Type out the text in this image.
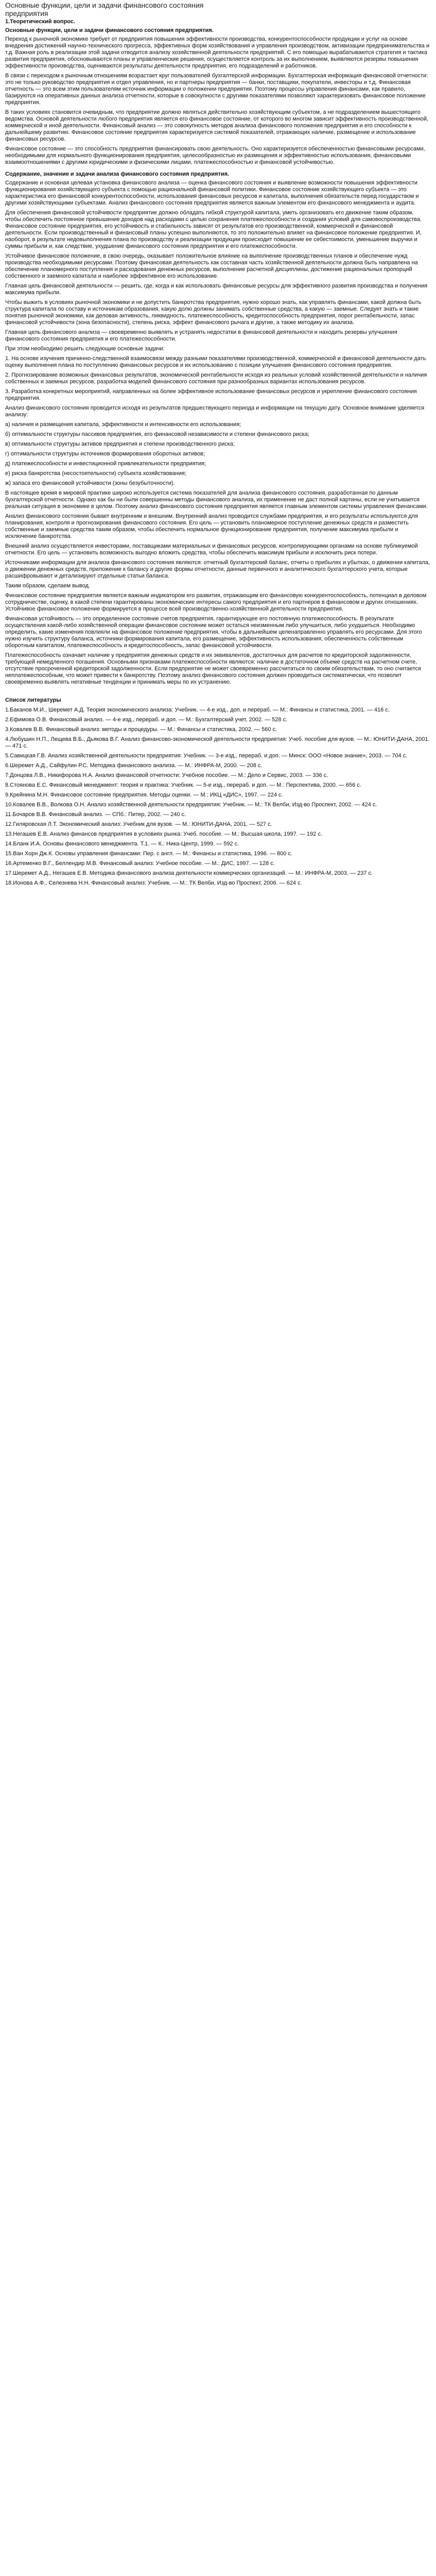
Основные функции, цели и задачи финансового состояния предприятия
1.Теоретический вопрос.
Основные функции, цели и задачи финансового состояния предприятия.

Переход к рыночной экономике требует от предприятия повышения эффективности производства, конкурентоспособности продукции и услуг на основе внедрения достижений научно-технического прогресса, эффективных форм хозяйствования и управления производством, активизации предпринимательства и т.д. Важная роль в реализации этой задачи отводится анализу хозяйственной деятельности предприятий. С его помощью вырабатываются стратегия и тактика развития предприятия, обосновываются планы и управленческие решения, осуществляется контроль за их выполнением, выявляются резервы повышения эффективности производства, оцениваются результаты деятельности предприятия, его подразделений и работников.

В связи с переходом к рыночным отношениям возрастает круг пользователей бухгалтерской информации. Бухгалтерская информация финансовой отчетности: это не только руководство предприятия и отдел управления, но и партнеры предприятия — банки, поставщики, покупатели, инвесторы и т.д. Финансовая отчетность — это всем этим пользователям источник информации о положении предприятия. Поэтому процессы управления финансами, как правило, базируются на оперативных данных анализа отчетности, которые в совокупности с другими показателями позволяют характеризовать финансовое положение предприятия.

В таких условиях становится очевидным, что предприятие должно являться действительно хозяйствующим субъектом, а не подразделением вышестоящего ведомства. Основой деятельности любого предприятия является его финансовое состояние, от которого во многом зависит эффективность производственной, коммерческой и иной деятельности. Финансовый анализ — это совокупность методов анализа финансового положения предприятия и его способности к дальнейшему развитию. Финансовое состояние предприятия характеризуется системой показателей, отражающих наличие, размещение и использование финансовых ресурсов.

Финансовое состояние — это способность предприятия финансировать свою деятельность. Оно характеризуется обеспеченностью финансовыми ресурсами, необходимыми для нормального функционирования предприятия, целесообразностью их размещения и эффективностью использования, финансовыми взаимоотношениями с другими юридическими и физическими лицами, платежеспособностью и финансовой устойчивостью.

Содержание, значение и задачи анализа финансового состояния предприятия.

Содержание и основная целевая установка финансового анализа — оценка финансового состояния и выявление возможности повышения эффективности функционирования хозяйствующего субъекта с помощью рациональной финансовой политики. Финансовое состояние хозяйствующего субъекта — это характеристика его финансовой конкурентоспособности, использования финансовых ресурсов и капитала, выполнения обязательств перед государством и другими хозяйствующими субъектами. Анализ финансового состояния предприятия является важным элементом его финансового менеджмента и аудита.

Для обеспечения финансовой устойчивости предприятие должно обладать гибкой структурой капитала, уметь организовать его движение таким образом, чтобы обеспечить постоянное превышение доходов над расходами с целью сохранения платежеспособности и создания условий для самовоспроизводства. Финансовое состояние предприятия, его устойчивость и стабильность зависят от результатов его производственной, коммерческой и финансовой деятельности. Если производственный и финансовый планы успешно выполняются, то это положительно влияет на финансовое положение предприятия. И, наоборот, в результате недовыполнения плана по производству и реализации продукции происходит повышение ее себестоимости, уменьшение выручки и суммы прибыли и, как следствие, ухудшение финансового состояния предприятия и его платежеспособности.

Устойчивое финансовое положение, в свою очередь, оказывает положительное влияние на выполнение производственных планов и обеспечение нужд производства необходимыми ресурсами. Поэтому финансовая деятельность как составная часть хозяйственной деятельности должна быть направлена на обеспечение планомерного поступления и расходования денежных ресурсов, выполнение расчетной дисциплины, достижение рациональных пропорций собственного и заемного капитала и наиболее эффективное его использование.

Главная цель финансовой деятельности — решить, где, когда и как использовать финансовые ресурсы для эффективного развития производства и получения максимума прибыли.

Чтобы выжить в условиях рыночной экономики и не допустить банкротства предприятия, нужно хорошо знать, как управлять финансами, какой должна быть структура капитала по составу и источникам образования, какую долю должны занимать собственные средства, а какую — заемные. Следует знать и такие понятия рыночной экономики, как деловая активность, ликвидность, платежеспособность, кредитоспособность предприятия, порог рентабельности, запас финансовой устойчивости (зона безопасности), степень риска, эффект финансового рычага и другие, а также методику их анализа.

Главная цель финансового анализа — своевременно выявлять и устранять недостатки в финансовой деятельности и находить резервы улучшения финансового состояния предприятия и его платежеспособности.

При этом необходимо решить следующие основные задачи:

1. На основе изучения причинно-следственной взаимосвязи между разными показателями производственной, коммерческой и финансовой деятельности дать оценку выполнения плана по поступлению финансовых ресурсов и их использованию с позиции улучшения финансового состояния предприятия.

2. Прогнозирование возможных финансовых результатов, экономической рентабельности исходя из реальных условий хозяйственной деятельности и наличия собственных и заемных ресурсов, разработка моделей финансового состояния при разнообразных вариантах использования ресурсов.

3. Разработка конкретных мероприятий, направленных на более эффективное использование финансовых ресурсов и укрепление финансового состояния предприятия.

Анализ финансового состояния проводится исходя из результатов предшествующего периода и информации на текущую дату. Основное внимание уделяется анализу:

а) наличия и размещения капитала, эффективности и интенсивности его использования;

б) оптимальности структуры пассивов предприятия, его финансовой независимости и степени финансового риска;

в) оптимальности структуры активов предприятия и степени производственного риска;

г) оптимальности структуры источников формирования оборотных активов;

д) платежеспособности и инвестиционной привлекательности предприятия;

е) риска банкротства (несостоятельности) субъекта хозяйствования;

ж) запаса его финансовой устойчивости (зоны безубыточности).

В настоящее время в мировой практике широко используется система показателей для анализа финансового состояния, разработанная по данным бухгалтерской отчетности. Однако как бы ни были совершенны методы финансового анализа, их применение не даст полной картины, если не учитывается реальная ситуация в экономике в целом. Поэтому анализ финансового состояния предприятия является главным элементом системы управления финансами.

Анализ финансового состояния бывает внутренним и внешним. Внутренний анализ проводится службами предприятия, и его результаты используются для планирования, контроля и прогнозирования финансового состояния. Его цель — установить планомерное поступление денежных средств и разместить собственные и заемные средства таким образом, чтобы обеспечить нормальное функционирование предприятия, получение максимума прибыли и исключение банкротства.

Внешний анализ осуществляется инвесторами, поставщиками материальных и финансовых ресурсов, контролирующими органами на основе публикуемой отчетности. Его цель — установить возможность выгодно вложить средства, чтобы обеспечить максимум прибыли и исключить риск потери.

Источниками информации для анализа финансового состояния являются: отчетный бухгалтерский баланс, отчеты о прибылях и убытках, о движении капитала, о движении денежных средств, приложение к балансу и другие формы отчетности, данные первичного и аналитического бухгалтерского учета, которые расшифровывают и детализируют отдельные статьи баланса.

Таким образом, сделаем вывод.

Финансовое состояние предприятия является важным индикатором его развития, отражающим его финансовую конкурентоспособность, потенциал в деловом сотрудничестве, оценку, в какой степени гарантированы экономические интересы самого предприятия и его партнеров в финансовом и других отношениях. Устойчивое финансовое положение формируется в процессе всей производственно-хозяйственной деятельности предприятия.

Финансовая устойчивость — это определенное состояние счетов предприятия, гарантирующее его постоянную платежеспособность. В результате осуществления какой-либо хозяйственной операции финансовое состояние может остаться неизменным либо улучшиться, либо ухудшиться. Необходимо определить, какие изменения повлияли на финансовое положение предприятия, чтобы в дальнейшем целенаправленно управлять его ресурсами. Для этого нужно изучить структуру баланса, источники формирования капитала, его размещение, эффективность использования, обеспеченность собственным оборотным капиталом, платежеспособность и кредитоспособность, запас финансовой устойчивости.

Платежеспособность означает наличие у предприятия денежных средств и их эквивалентов, достаточных для расчетов по кредиторской задолженности, требующей немедленного погашения. Основными признаками платежеспособности являются: наличие в достаточном объеме средств на расчетном счете, отсутствие просроченной кредиторской задолженности. Если предприятие не может своевременно рассчитаться по своим обязательствам, то оно считается неплатежеспособным, что может привести к банкротству. Поэтому анализ финансового состояния должен проводиться систематически, что позволит своевременно выявлять негативные тенденции и принимать меры по их устранению.

Список литературы
1.Баканов М.И., Шеремет А.Д. Теория экономического анализа: Учебник. — 4-е изд., доп. и перераб. — М.: Финансы и статистика, 2001. — 416 с.
2.Ефимова О.В. Финансовый анализ. — 4-е изд., перераб. и доп. — М.: Бухгалтерский учет, 2002. — 528 с.
3.Ковалев В.В. Финансовый анализ: методы и процедуры. — М.: Финансы и статистика, 2002. — 560 с.
4.Любушин Н.П., Лещева В.Б., Дьякова В.Г. Анализ финансово-экономической деятельности предприятия: Учеб. пособие для вузов. — М.: ЮНИТИ-ДАНА, 2001. — 471 с.
5.Савицкая Г.В. Анализ хозяйственной деятельности предприятия: Учебник. — 3-е изд., перераб. и доп. — Минск: ООО «Новое знание», 2003. — 704 с.
6.Шеремет А.Д., Сайфулин Р.С. Методика финансового анализа. — М.: ИНФРА-М, 2000. — 208 с.
7.Донцова Л.В., Никифорова Н.А. Анализ финансовой отчетности: Учебное пособие. — М.: Дело и Сервис, 2003. — 336 с.
8.Стоянова Е.С. Финансовый менеджмент: теория и практика: Учебник. — 5-е изд., перераб. и доп. — М.: Перспектива, 2000. — 656 с.
9.Крейнина М.Н. Финансовое состояние предприятия. Методы оценки. — М.: ИКЦ «ДИС», 1997. — 224 с.
10.Ковалев В.В., Волкова О.Н. Анализ хозяйственной деятельности предприятия: Учебник. — М.: ТК Велби, Изд-во Проспект, 2002. — 424 с.
11.Бочаров В.В. Финансовый анализ. — СПб.: Питер, 2002. — 240 с.
12.Гиляровская Л.Т. Экономический анализ: Учебник для вузов. — М.: ЮНИТИ-ДАНА, 2001. — 527 с.
13.Негашев Е.В. Анализ финансов предприятия в условиях рынка: Учеб. пособие. — М.: Высшая школа, 1997. — 192 с.
14.Бланк И.А. Основы финансового менеджмента. Т.1. — К.: Ника-Центр, 1999. — 592 с.
15.Ван Хорн Дж.К. Основы управления финансами: Пер. с англ. — М.: Финансы и статистика, 1996. — 800 с.
16.Артеменко В.Г., Беллендир М.В. Финансовый анализ: Учебное пособие. — М.: ДИС, 1997. — 128 с.
17.Шеремет А.Д., Негашев Е.В. Методика финансового анализа деятельности коммерческих организаций. — М.: ИНФРА-М, 2003. — 237 с.
18.Ионова А.Ф., Селезнева Н.Н. Финансовый анализ: Учебник. — М.: ТК Велби, Изд-во Проспект, 2006. — 624 с.
